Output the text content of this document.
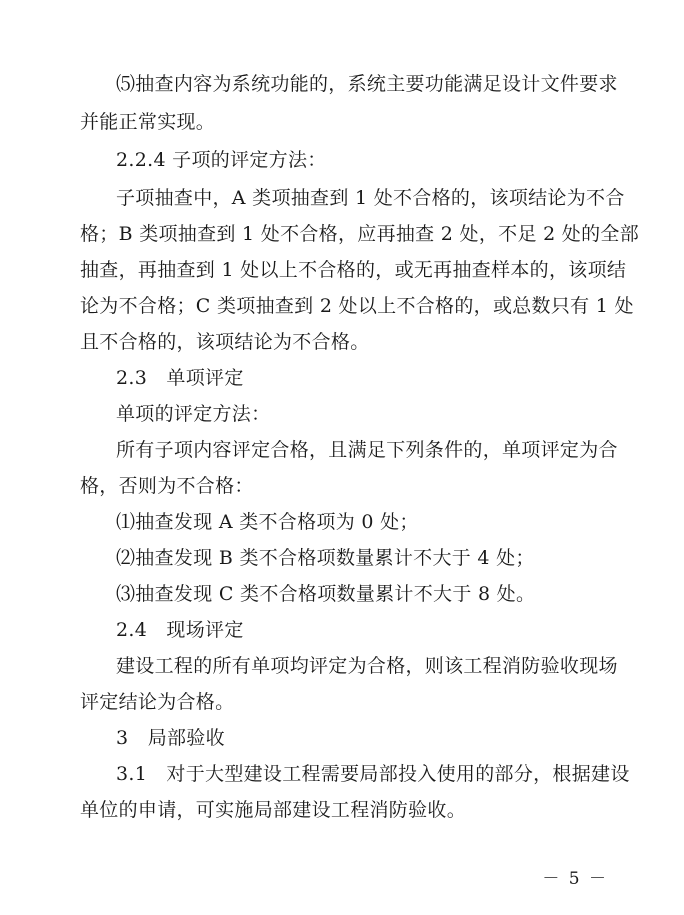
⑸抽查内容为系统功能的，系统主要功能满足设计文件要求
并能正常实现。
2.2.4 子项的评定方法：
子项抽查中，A 类项抽查到 1 处不合格的，该项结论为不合
格；B 类项抽查到 1 处不合格，应再抽查 2 处，不足 2 处的全部
抽查，再抽查到 1 处以上不合格的，或无再抽查样本的，该项结
论为不合格；C 类项抽查到 2 处以上不合格的，或总数只有 1 处
且不合格的，该项结论为不合格。
2.3　单项评定
单项的评定方法：
所有子项内容评定合格，且满足下列条件的，单项评定为合
格，否则为不合格：
⑴抽查发现 A 类不合格项为 0 处；
⑵抽查发现 B 类不合格项数量累计不大于 4 处；
⑶抽查发现 C 类不合格项数量累计不大于 8 处。
2.4　现场评定
建设工程的所有单项均评定为合格，则该工程消防验收现场
评定结论为合格。
3　局部验收
3.1　对于大型建设工程需要局部投入使用的部分，根据建设
单位的申请，可实施局部建设工程消防验收。
－ 5 －
